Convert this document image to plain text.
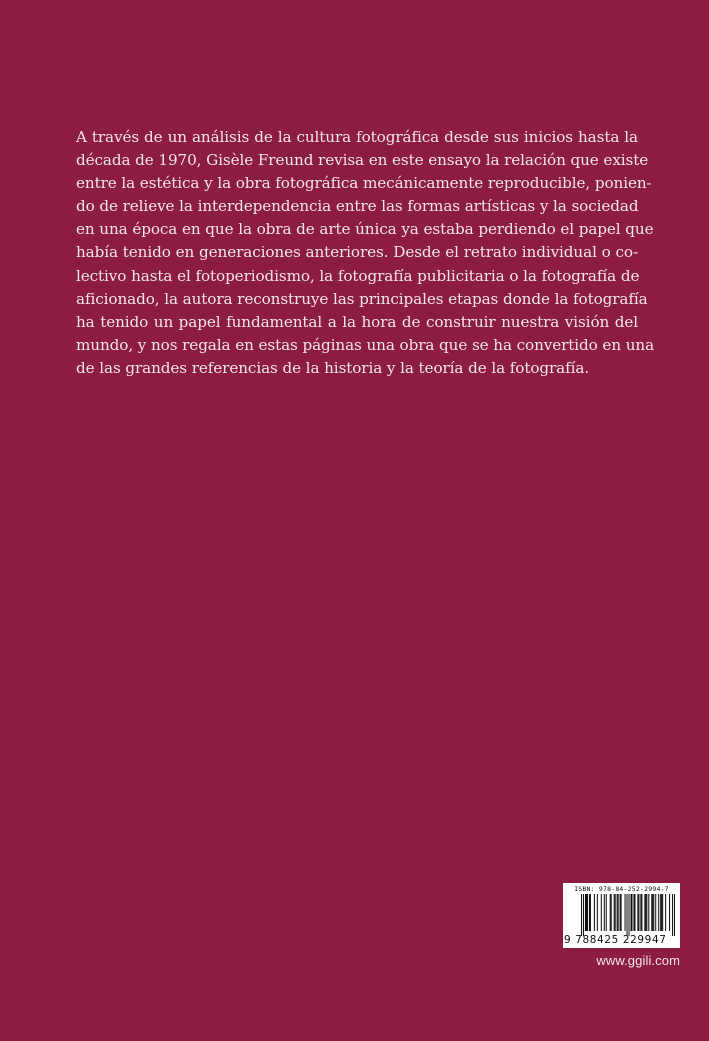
A través de un análisis de la cultura fotográfica desde sus inicios hasta la
década de 1970, Gisèle Freund revisa en este ensayo la relación que existe
entre la estética y la obra fotográfica mecánicamente reproducible, ponien-
do de relieve la interdependencia entre las formas artísticas y la sociedad
en una época en que la obra de arte única ya estaba perdiendo el papel que
había tenido en generaciones anteriores. Desde el retrato individual o co-
lectivo hasta el fotoperiodismo, la fotografía publicitaria o la fotografía de
aficionado, la autora reconstruye las principales etapas donde la fotografía
ha tenido un papel fundamental a la hora de construir nuestra visión del
mundo, y nos regala en estas páginas una obra que se ha convertido en una
de las grandes referencias de la historia y la teoría de la fotografía.
ISBN: 978-84-252-2994-7
9 788425 229947
www.ggili.com
